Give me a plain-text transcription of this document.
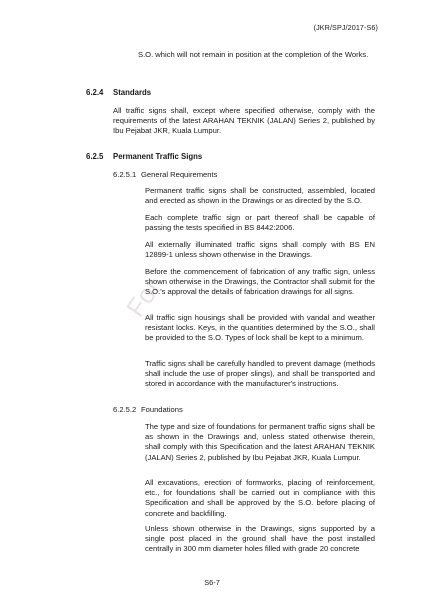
For
(JKR/SPJ/2017-S6)

S.O. which will not remain in position at the completion of the Works.

6.2.4 Standards

All traffic signs shall, except where specified otherwise, comply with the requirements of the latest ARAHAN TEKNIK (JALAN) Series 2, published by Ibu Pejabat JKR, Kuala Lumpur.

6.2.5 Permanent Traffic Signs
6.2.5.1 General Requirements

Permanent traffic signs shall be constructed, assembled, located and erected as shown in the Drawings or as directed by the S.O.

Each complete traffic sign or part thereof shall be capable of passing the tests specified in BS 8442:2006.

All externally illuminated traffic signs shall comply with BS EN 12899-1 unless shown otherwise in the Drawings.

Before the commencement of fabrication of any traffic sign, unless shown otherwise in the Drawings, the Contractor shall submit for the S.O.'s approval the details of fabrication drawings for all signs.

All traffic sign housings shall be provided with vandal and weather resistant locks. Keys, in the quantities determined by the S.O., shall be provided to the S.O. Types of lock shall be kept to a minimum.

Traffic signs shall be carefully handled to prevent damage (methods shall include the use of proper slings), and shall be transported and stored in accordance with the manufacturer's instructions.

6.2.5.2 Foundations

The type and size of foundations for permanent traffic signs shall be as shown in the Drawings and, unless stated otherwise therein, shall comply with this Specification and the latest ARAHAN TEKNIK (JALAN) Series 2, published by Ibu Pejabat JKR, Kuala Lumpur.

All excavations, erection of formworks, placing of reinforcement, etc., for foundations shall be carried out in compliance with this Specification and shall be approved by the S.O. before placing of concrete and backfilling.

Unless shown otherwise in the Drawings, signs supported by a single post placed in the ground shall have the post installed centrally in 300 mm diameter holes filled with grade 20 concrete

S6-7
